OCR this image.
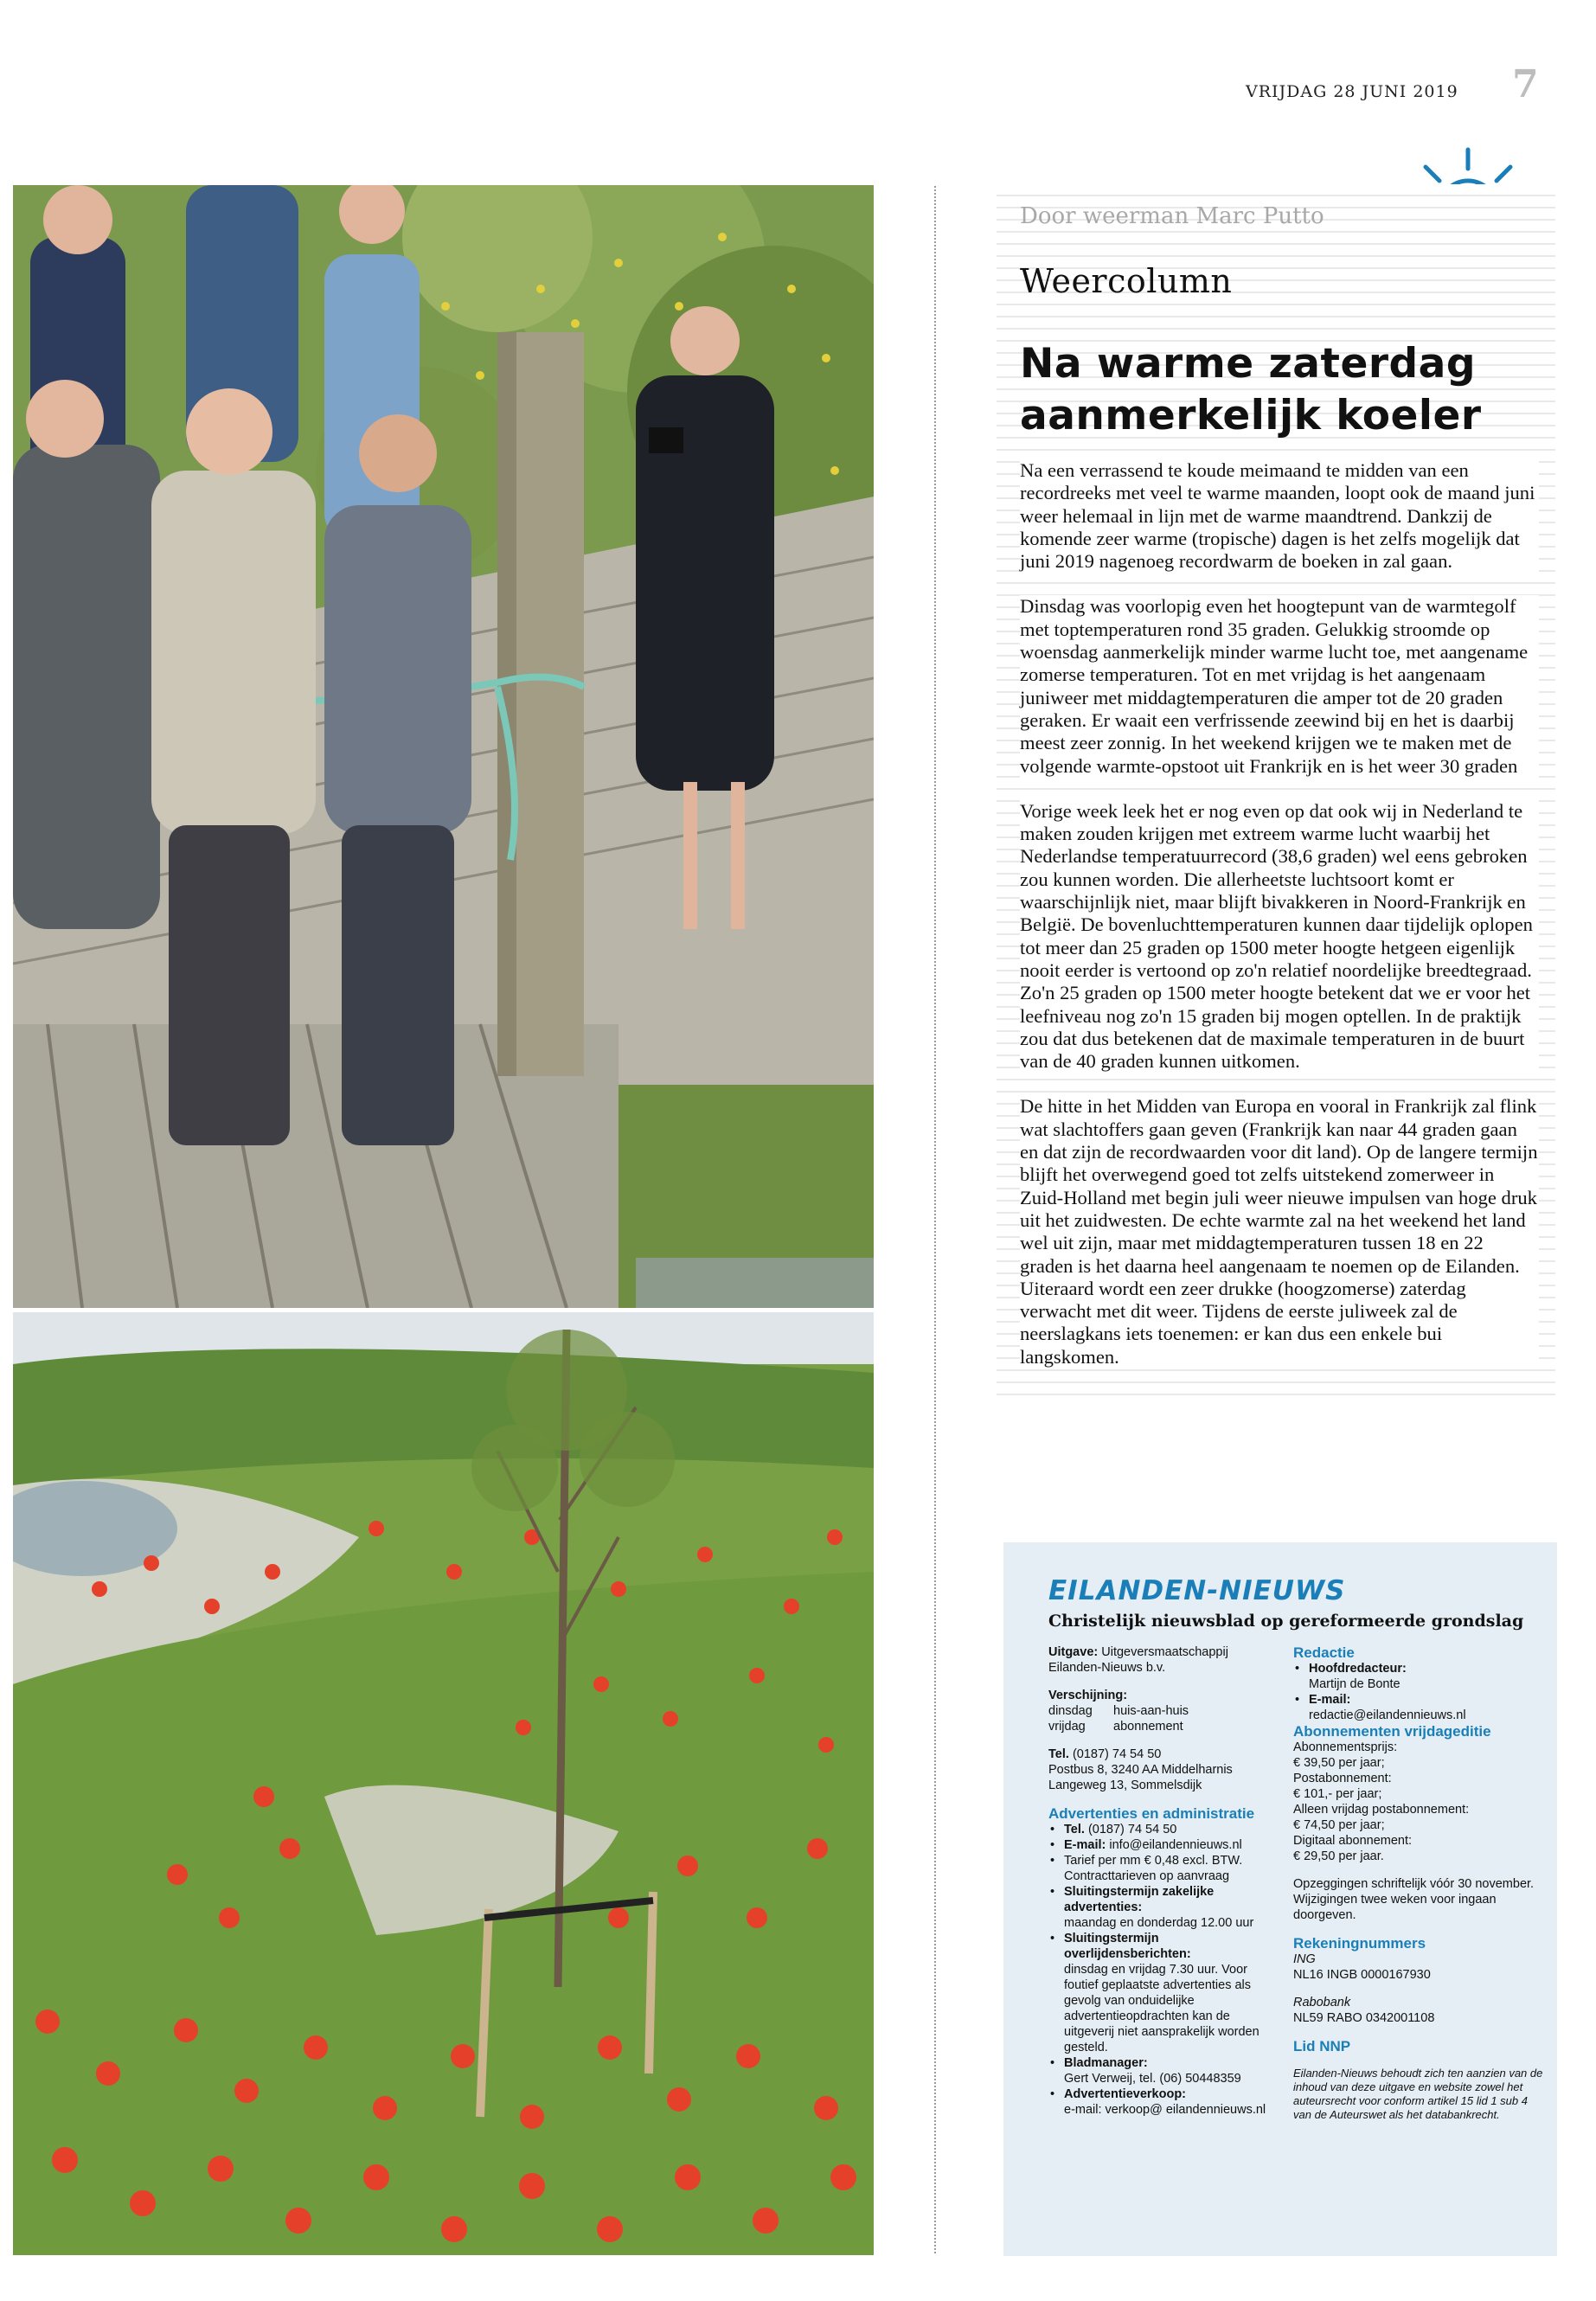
VRIJDAG 28 JUNI 2019 7
Door weerman Marc Putto
Weercolumn
Na warme zaterdag aanmerkelijk koeler

Na een verrassend te koude meimaand te midden van een recordreeks met veel te warme maanden, loopt ook de maand juni weer helemaal in lijn met de warme maandtrend. Dankzij de komende zeer warme (tropische) dagen is het zelfs mogelijk dat juni 2019 nagenoeg recordwarm de boeken in zal gaan.

Dinsdag was voorlopig even het hoogtepunt van de warmtegolf met toptemperaturen rond 35 graden. Gelukkig stroomde op woensdag aanmerkelijk minder warme lucht toe, met aangename zomerse temperaturen. Tot en met vrijdag is het aangenaam juniweer met middagtemperaturen die amper tot de 20 graden geraken. Er waait een verfrissende zeewind bij en het is daarbij meest zeer zonnig. In het weekend krijgen we te maken met de volgende warmte-opstoot uit Frankrijk en is het weer 30 graden

Vorige week leek het er nog even op dat ook wij in Nederland te maken zouden krijgen met extreem warme lucht waarbij het Nederlandse temperatuurrecord (38,6 graden) wel eens gebroken zou kunnen worden. Die allerheetste luchtsoort komt er waarschijnlijk niet, maar blijft bivakkeren in Noord-Frankrijk en België. De bovenluchttemperaturen kunnen daar tijdelijk oplopen tot meer dan 25 graden op 1500 meter hoogte hetgeen eigenlijk nooit eerder is vertoond op zo'n relatief noordelijke breedtegraad. Zo'n 25 graden op 1500 meter hoogte betekent dat we er voor het leefniveau nog zo'n 15 graden bij mogen optellen. In de praktijk zou dat dus betekenen dat de maximale temperaturen in de buurt van de 40 graden kunnen uitkomen.

De hitte in het Midden van Europa en vooral in Frankrijk zal flink wat slachtoffers gaan geven (Frankrijk kan naar 44 graden gaan en dat zijn de recordwaarden voor dit land). Op de langere termijn blijft het overwegend goed tot zelfs uitstekend zomerweer in Zuid-Holland met begin juli weer nieuwe impulsen van hoge druk uit het zuidwesten. De echte warmte zal na het weekend het land wel uit zijn, maar met middagtemperaturen tussen 18 en 22 graden is het daarna heel aangenaam te noemen op de Eilanden. Uiteraard wordt een zeer drukke (hoogzomerse) zaterdag verwacht met dit weer. Tijdens de eerste juliweek zal de neerslagkans iets toenemen: er kan dus een enkele bui langskomen.

EILANDEN-NIEUWS
Christelijk nieuwsblad op gereformeerde grondslag
Uitgave: Uitgeversmaatschappij Eilanden-Nieuws b.v.
Verschijning:
dinsdag huis-aan-huis
vrijdag abonnement
Tel. (0187) 74 54 50
Postbus 8, 3240 AA Middelharnis
Langeweg 13, Sommelsdijk
Advertenties en administratie
• Tel. (0187) 74 54 50
• E-mail: info@eilandennieuws.nl
• Tarief per mm € 0,48 excl. BTW. Contracttarieven op aanvraag
• Sluitingstermijn zakelijke advertenties:
maandag en donderdag 12.00 uur
• Sluitingstermijn overlijdensberichten:
dinsdag en vrijdag 7.30 uur. Voor foutief geplaatste advertenties als gevolg van onduidelijke advertentieopdrachten kan de uitgeverij niet aansprakelijk worden gesteld.
• Bladmanager:
Gert Verweij, tel. (06) 50448359
• Advertentieverkoop:
e-mail: verkoop@ eilandennieuws.nl
Redactie
• Hoofdredacteur:
Martijn de Bonte
• E-mail:
redactie@eilandennieuws.nl
Abonnementen vrijdageditie
Abonnementsprijs:
€ 39,50 per jaar;
Postabonnement:
€ 101,- per jaar;
Alleen vrijdag postabonnement:
€ 74,50 per jaar;
Digitaal abonnement:
€ 29,50 per jaar.
Opzeggingen schriftelijk vóór 30 november. Wijzigingen twee weken voor ingaan doorgeven.
Rekeningnummers
ING
NL16 INGB 0000167930
Rabobank
NL59 RABO 0342001108
Lid NNP
Eilanden-Nieuws behoudt zich ten aanzien van de inhoud van deze uitgave en website zowel het auteursrecht voor conform artikel 15 lid 1 sub 4 van de Auteurswet als het databankrecht.
